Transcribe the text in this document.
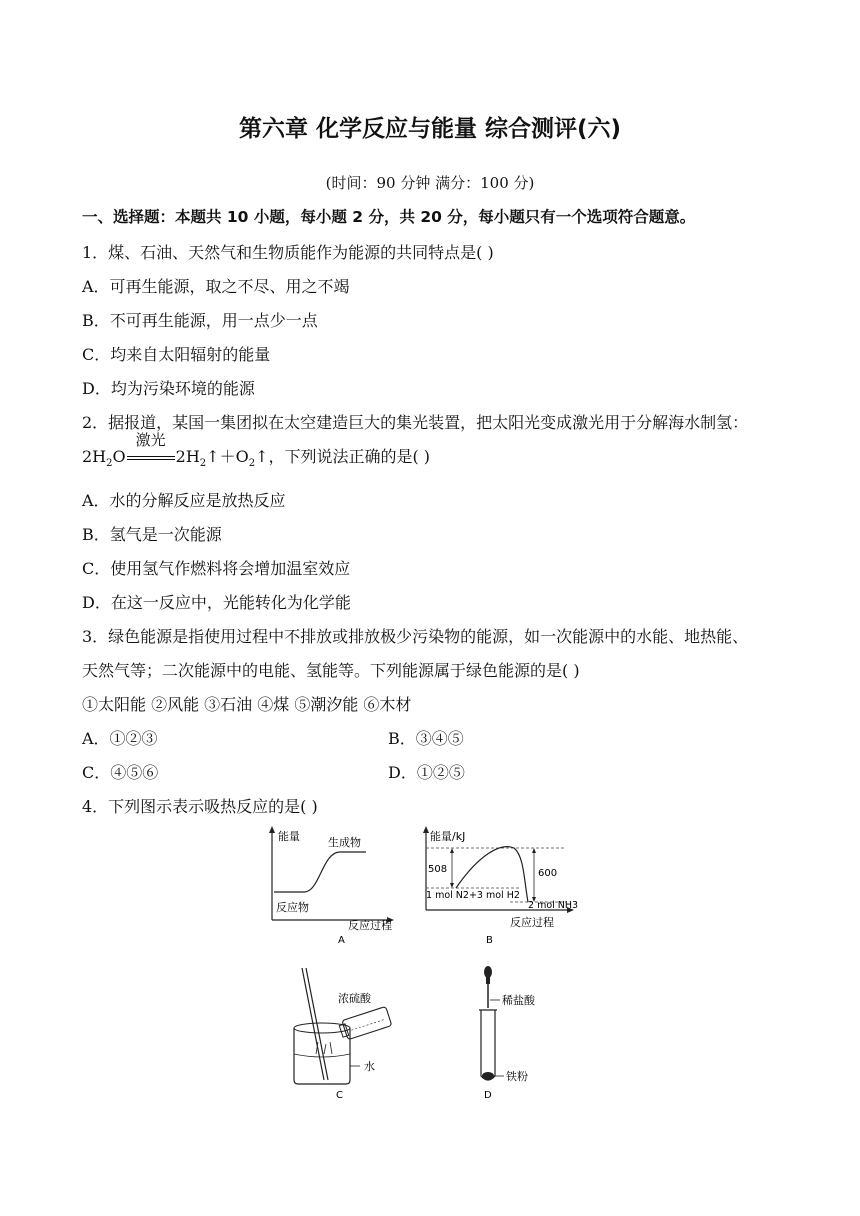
第六章 化学反应与能量 综合测评(六)
(时间：90 分钟 满分：100 分)
一、选择题：本题共 10 小题，每小题 2 分，共 20 分，每小题只有一个选项符合题意。
1．煤、石油、天然气和生物质能作为能源的共同特点是( )
A．可再生能源，取之不尽、用之不竭
B．不可再生能源，用一点少一点
C．均来自太阳辐射的能量
D．均为污染环境的能源
2．据报道，某国一集团拟在太空建造巨大的集光装置，把太阳光变成激光用于分解海水制氢：
$2H_2O$
激光
$2H_2↑+O_2↑$，下列说法正确的是( )
A．水的分解反应是放热反应
B．氢气是一次能源
C．使用氢气作燃料将会增加温室效应
D．在这一反应中，光能转化为化学能
3．绿色能源是指使用过程中不排放或排放极少污染物的能源，如一次能源中的水能、地热能、
天然气等；二次能源中的电能、氢能等。下列能源属于绿色能源的是( )
①太阳能 ②风能 ③石油 ④煤 ⑤潮汐能 ⑥木材
A．①②③	B．③④⑤
C．④⑤⑥	D．①②⑤
4．下列图示表示吸热反应的是( )
能量	生成物
反应物
反应过程
A
能量/kJ
508	600
1 mol N2+3 mol H2
2 mol NH3
反应过程
B
浓硫酸
水
C
稀盐酸
铁粉
D
